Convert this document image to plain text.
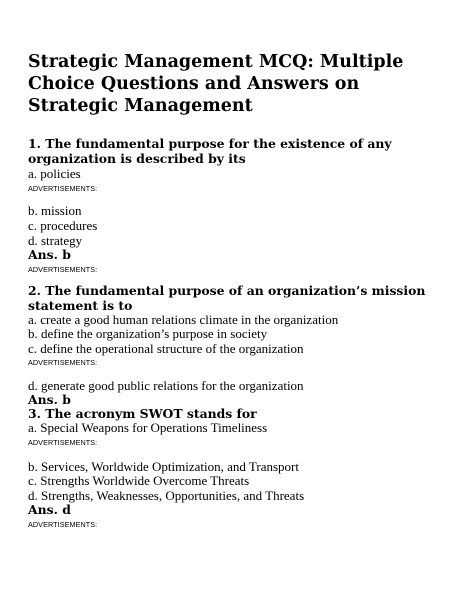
Strategic Management MCQ: Multiple Choice Questions and Answers on Strategic Management
1. The fundamental purpose for the existence of any
organization is described by its
a. policies
ADVERTISEMENTS:
b. mission
c. procedures
d. strategy
Ans. b
ADVERTISEMENTS:
2. The fundamental purpose of an organization’s mission
statement is to
a. create a good human relations climate in the organization
b. define the organization’s purpose in society
c. define the operational structure of the organization
ADVERTISEMENTS:
d. generate good public relations for the organization
Ans. b
3. The acronym SWOT stands for
a. Special Weapons for Operations Timeliness
ADVERTISEMENTS:
b. Services, Worldwide Optimization, and Transport
c. Strengths Worldwide Overcome Threats
d. Strengths, Weaknesses, Opportunities, and Threats
Ans. d
ADVERTISEMENTS:
